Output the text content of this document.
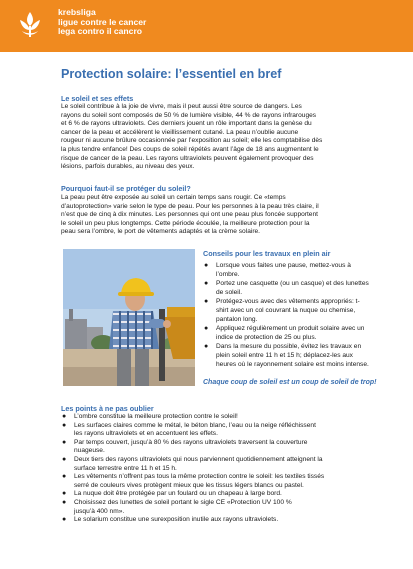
krebsliga
ligue contre le cancer
lega contro il cancro
Protection solaire: l’essentiel en bref
Le soleil et ses effets
Le soleil contribue à la joie de vivre, mais il peut aussi être source de dangers. Les
rayons du soleil sont composés de 50 % de lumière visible, 44 % de rayons infrarouges
et 6 % de rayons ultraviolets. Ces derniers jouent un rôle important dans la genèse du
cancer de la peau et accélèrent le vieillissement cutané. La peau n’oublie aucune
rougeur ni aucune brûlure occasionnée par l’exposition au soleil; elle les comptabilise dès
la plus tendre enfance! Des coups de soleil répétés avant l’âge de 18 ans augmentent le
risque de cancer de la peau. Les rayons ultraviolets peuvent également provoquer des
lésions, parfois durables, au niveau des yeux.
Pourquoi faut-il se protéger du soleil?
La peau peut être exposée au soleil un certain temps sans rougir. Ce «temps
d’autoprotection» varie selon le type de peau. Pour les personnes à la peau très claire, il
n’est que de cinq à dix minutes. Les personnes qui ont une peau plus foncée supportent
le soleil un peu plus longtemps. Cette période écoulée, la meilleure protection pour la
peau sera l’ombre, le port de vêtements adaptés et la crème solaire.
Conseils pour les travaux en plein air
● Lorsque vous faites une pause, mettez-vous à
l’ombre.
● Portez une casquette (ou un casque) et des lunettes
de soleil.
● Protégez-vous avec des vêtements appropriés: t-
shirt avec un col couvrant la nuque ou chemise,
pantalon long.
● Appliquez régulièrement un produit solaire avec un
indice de protection de 25 ou plus.
● Dans la mesure du possible, évitez les travaux en
plein soleil entre 11 h et 15 h; déplacez-les aux
heures où le rayonnement solaire est moins intense.

Chaque coup de soleil est un coup de soleil de trop!

Les points à ne pas oublier
● L’ombre constitue la meilleure protection contre le soleil!
● Les surfaces claires comme le métal, le béton blanc, l’eau ou la neige réfléchissent
les rayons ultraviolets et en accentuent les effets.
● Par temps couvert, jusqu’à 80 % des rayons ultraviolets traversent la couverture
nuageuse.
● Deux tiers des rayons ultraviolets qui nous parviennent quotidiennement atteignent la
surface terrestre entre 11 h et 15 h.
● Les vêtements n’offrent pas tous la même protection contre le soleil: les textiles tissés
serré de couleurs vives protègent mieux que les tissus légers blancs ou pastel.
● La nuque doit être protégée par un foulard ou un chapeau à large bord.
● Choisissez des lunettes de soleil portant le sigle CE «Protection UV 100 %
jusqu’à 400 nm».
● Le solarium constitue une surexposition inutile aux rayons ultraviolets.
